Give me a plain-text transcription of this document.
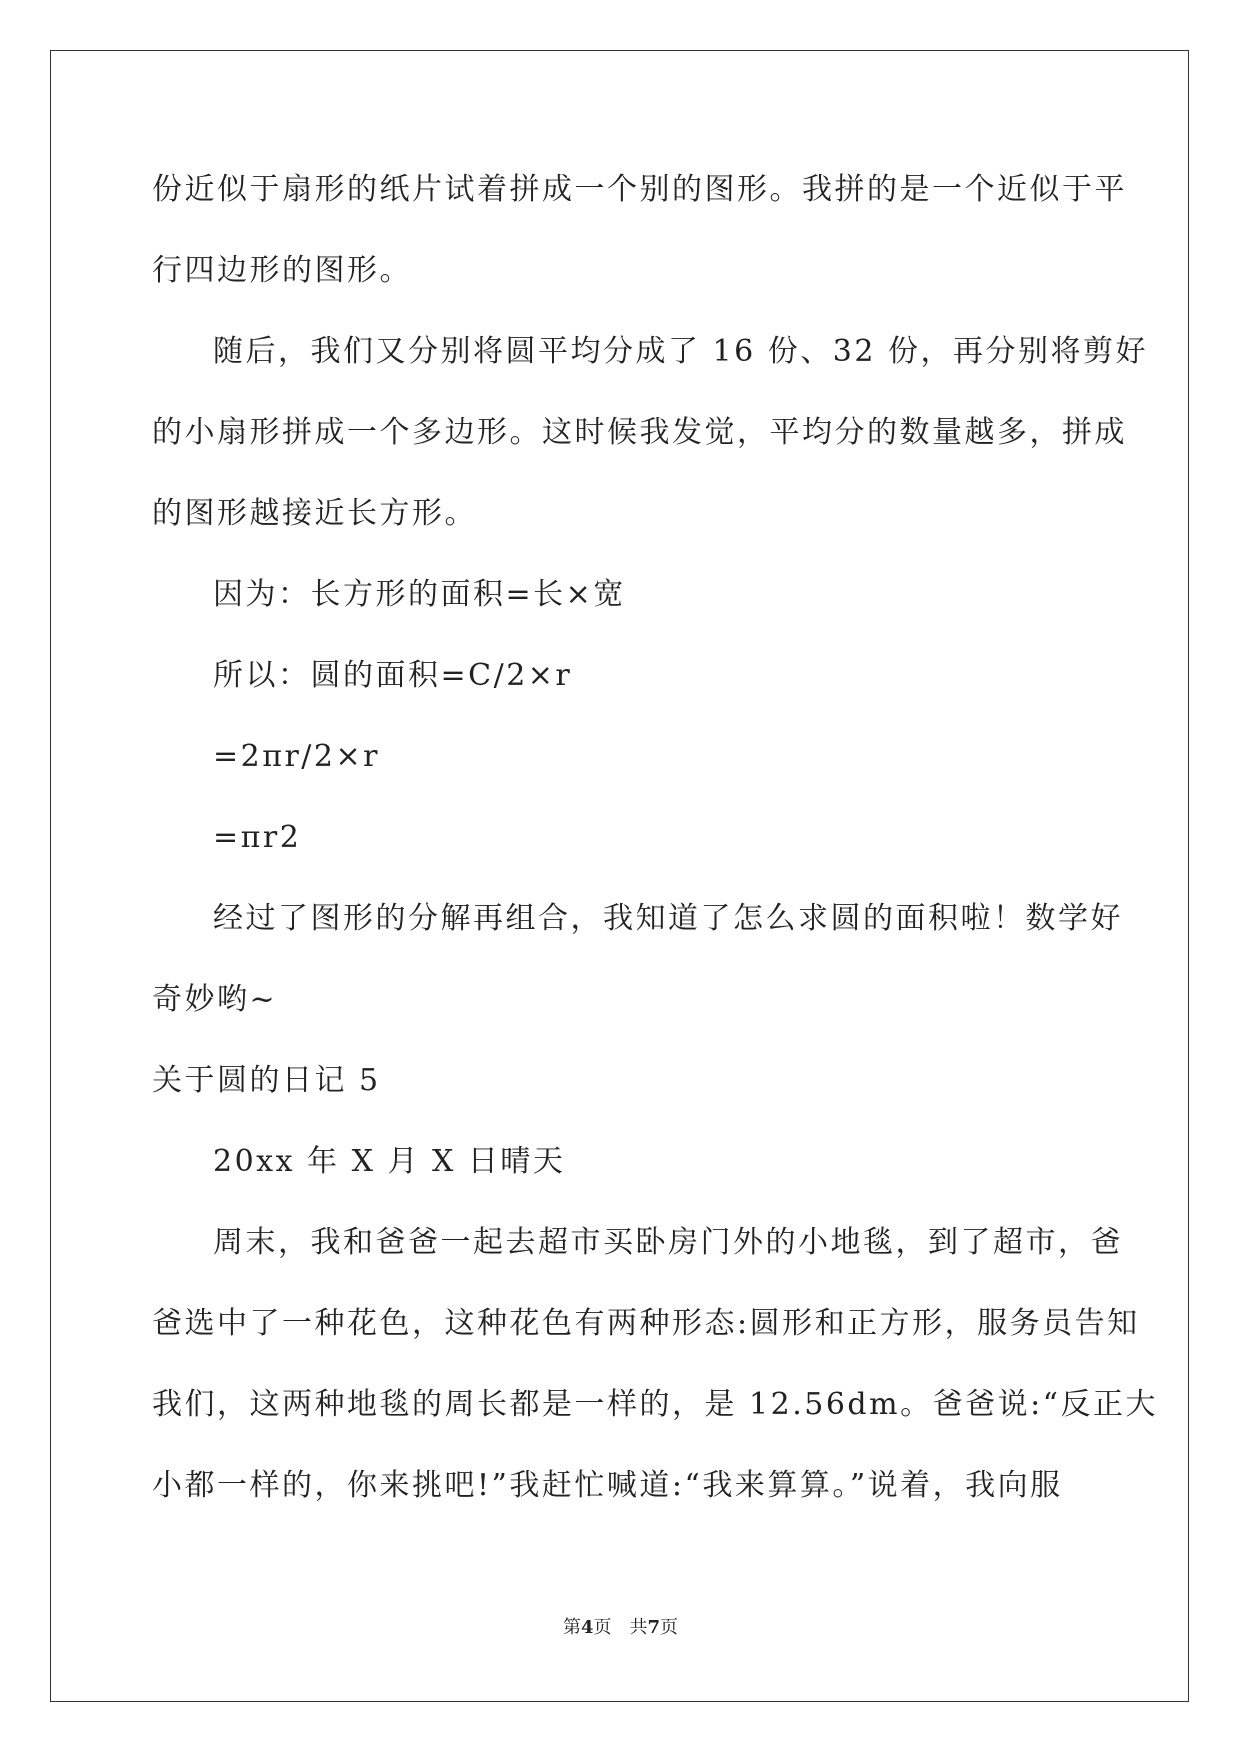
份近似于扇形的纸片试着拼成一个别的图形。我拼的是一个近似于平
行四边形的图形。
随后，我们又分别将圆平均分成了 16 份、32 份，再分别将剪好
的小扇形拼成一个多边形。这时候我发觉，平均分的数量越多，拼成
的图形越接近长方形。
因为：长方形的面积=长×宽
所以：圆的面积=C/2×r
=2πr/2×r
=πr2
经过了图形的分解再组合，我知道了怎么求圆的面积啦！数学好
奇妙哟~
关于圆的日记 5
20xx 年 X 月 X 日晴天
周末，我和爸爸一起去超市买卧房门外的小地毯，到了超市，爸
爸选中了一种花色，这种花色有两种形态:圆形和正方形，服务员告知
我们，这两种地毯的周长都是一样的，是 12.56dm。爸爸说:“反正大
小都一样的，你来挑吧!”我赶忙喊道:“我来算算。”说着，我向服
第4页 共7页
